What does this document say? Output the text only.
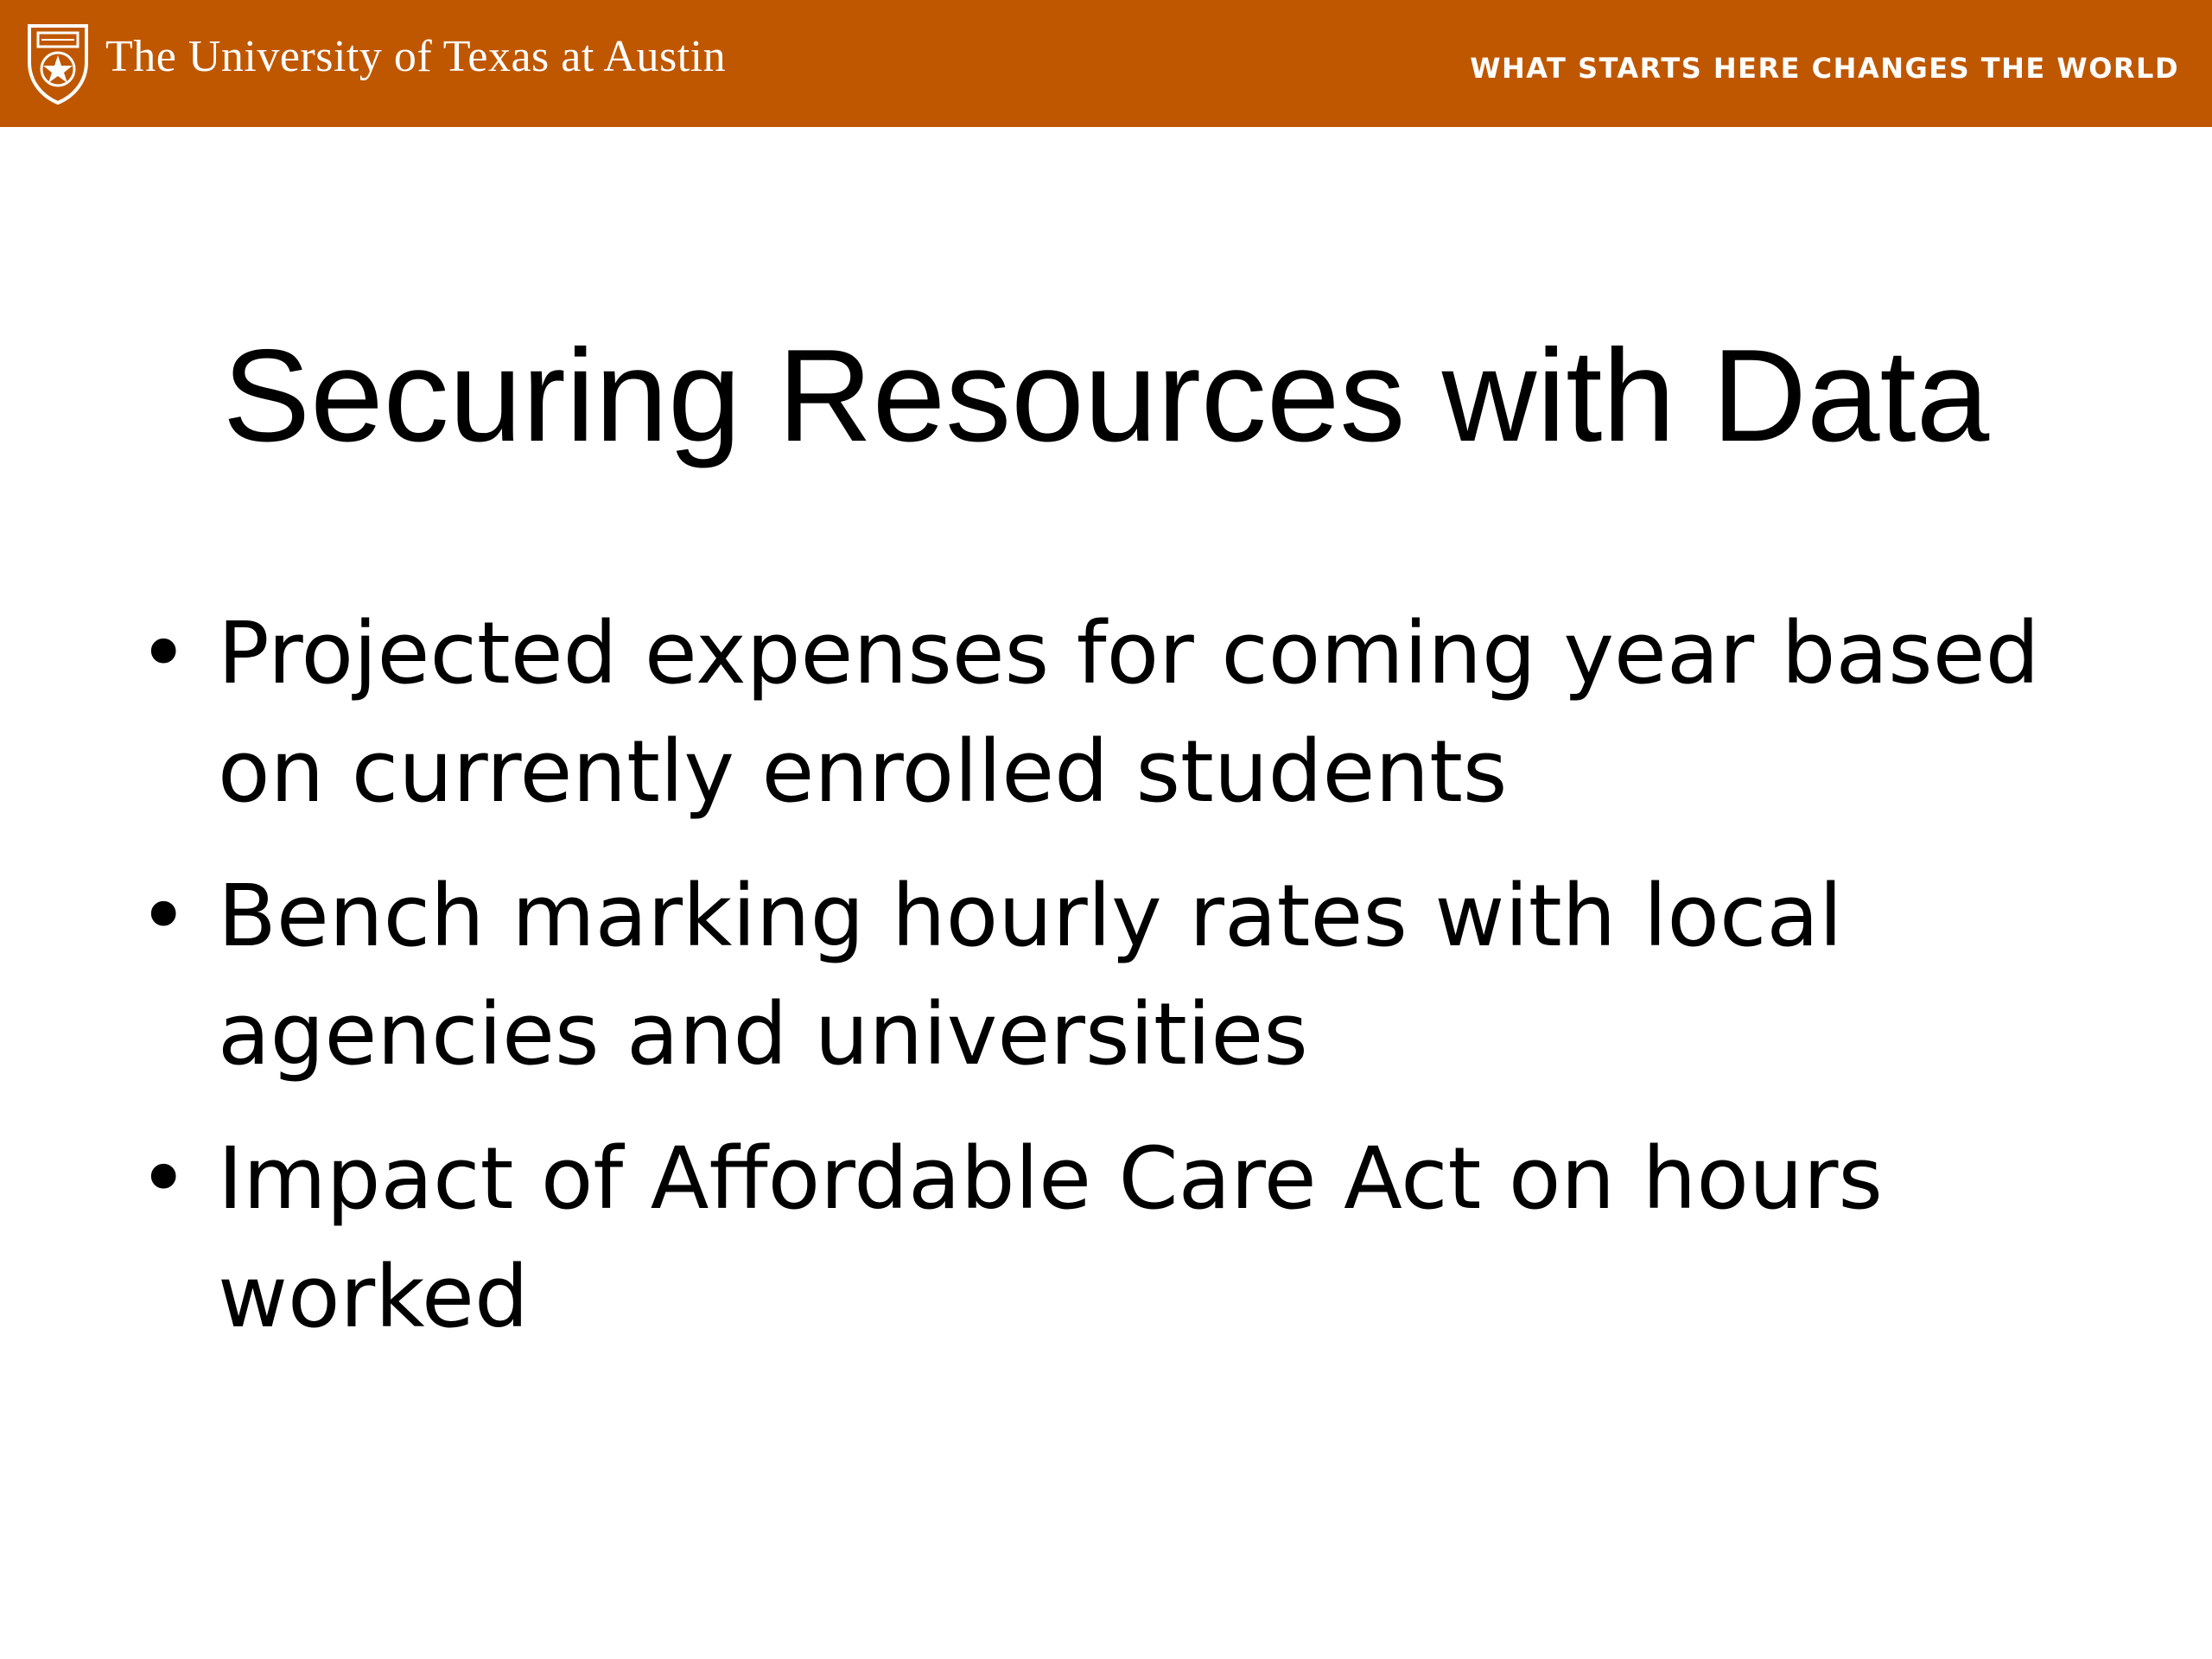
The University of Texas at Austin	WHAT STARTS HERE CHANGES THE WORLD
Securing Resources with Data
• Projected expenses for coming year based on currently enrolled students
• Bench marking hourly rates with local agencies and universities
• Impact of Affordable Care Act on hours worked
